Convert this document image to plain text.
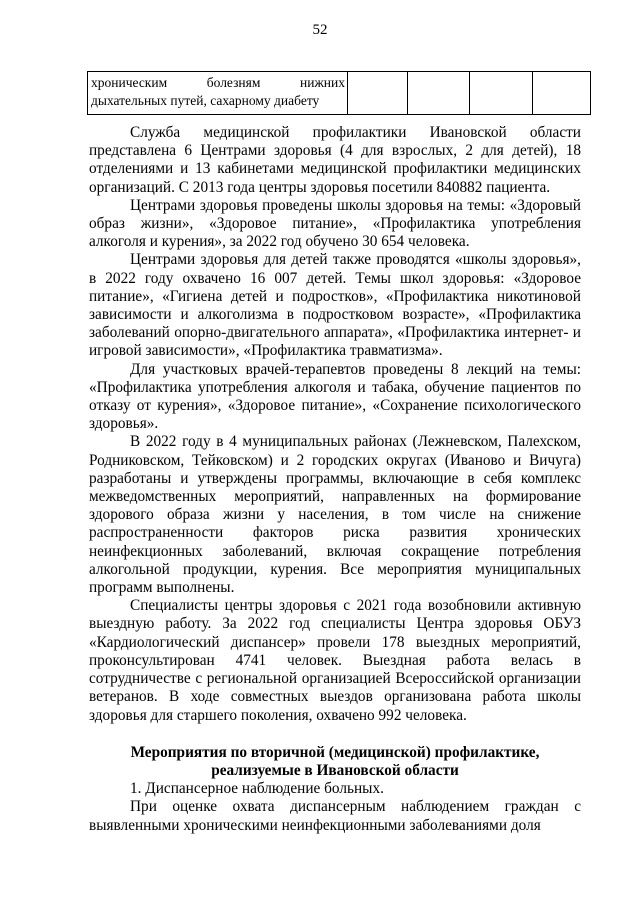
52
хроническим болезням нижних
дыхательных путей, сахарному диабету

Служба медицинской профилактики Ивановской области представлена 6 Центрами здоровья (4 для взрослых, 2 для детей), 18 отделениями и 13 кабинетами медицинской профилактики медицинских организаций. С 2013 года центры здоровья посетили 840882 пациента.

Центрами здоровья проведены школы здоровья на темы: «Здоровый образ жизни», «Здоровое питание», «Профилактика употребления алкоголя и курения», за 2022 год обучено 30 654 человека.

Центрами здоровья для детей также проводятся «школы здоровья», в 2022 году охвачено 16 007 детей. Темы школ здоровья: «Здоровое питание», «Гигиена детей и подростков», «Профилактика никотиновой зависимости и алкоголизма в подростковом возрасте», «Профилактика заболеваний опорно-двигательного аппарата», «Профилактика интернет- и игровой зависимости», «Профилактика травматизма».

Для участковых врачей-терапевтов проведены 8 лекций на темы: «Профилактика употребления алкоголя и табака, обучение пациентов по отказу от курения», «Здоровое питание», «Сохранение психологического здоровья».

В 2022 году в 4 муниципальных районах (Лежневском, Палехском, Родниковском, Тейковском) и 2 городских округах (Иваново и Вичуга) разработаны и утверждены программы, включающие в себя комплекс межведомственных мероприятий, направленных на формирование здорового образа жизни у населения, в том числе на снижение распространенности факторов риска развития хронических неинфекционных заболеваний, включая сокращение потребления алкогольной продукции, курения. Все мероприятия муниципальных программ выполнены.

Специалисты центры здоровья с 2021 года возобновили активную выездную работу. За 2022 год специалисты Центра здоровья ОБУЗ «Кардиологический диспансер» провели 178 выездных мероприятий, проконсультирован 4741 человек. Выездная работа велась в сотрудничестве с региональной организацией Всероссийской организации ветеранов. В ходе совместных выездов организована работа школы здоровья для старшего поколения, охвачено 992 человека.

Мероприятия по вторичной (медицинской) профилактике,
реализуемые в Ивановской области

1. Диспансерное наблюдение больных.

При оценке охвата диспансерным наблюдением граждан с выявленными хроническими неинфекционными заболеваниями доля
